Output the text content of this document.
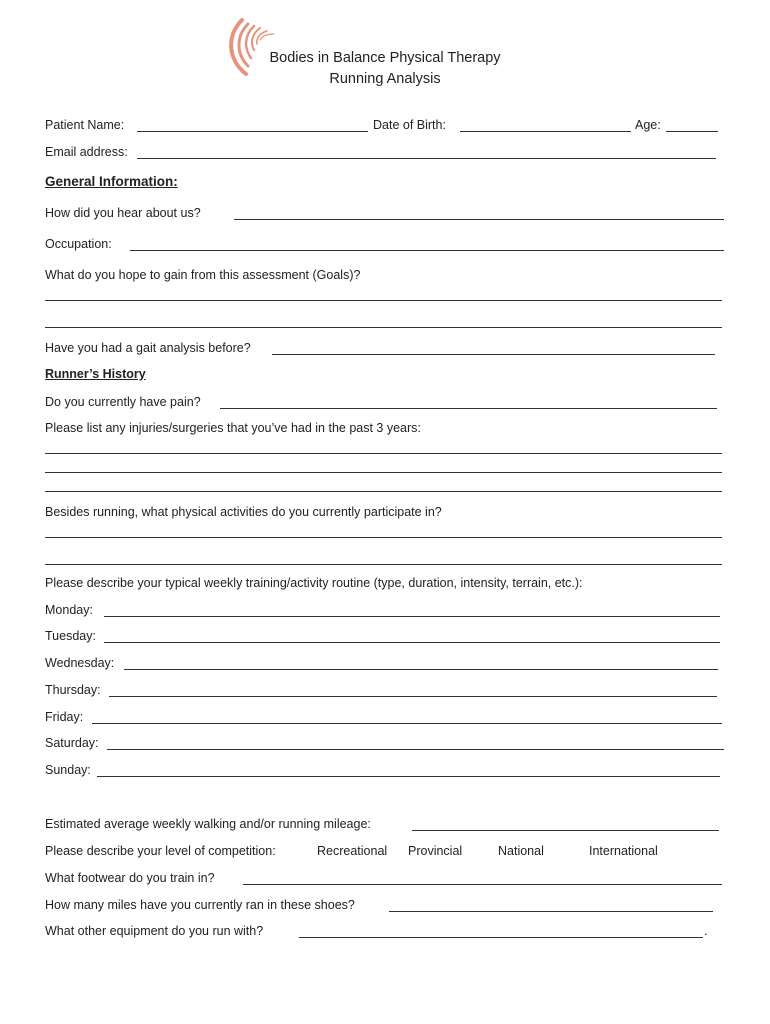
Bodies in Balance Physical Therapy
Running Analysis
Patient Name:	Date of Birth:	Age:
Email address:
General Information:
How did you hear about us?
Occupation:
What do you hope to gain from this assessment (Goals)?
Have you had a gait analysis before?
Runner’s History
Do you currently have pain?
Please list any injuries/surgeries that you’ve had in the past 3 years:
Besides running, what physical activities do you currently participate in?
Please describe your typical weekly training/activity routine (type, duration, intensity, terrain, etc.):
Monday:
Tuesday:
Wednesday:
Thursday:
Friday:
Saturday:
Sunday:
Estimated average weekly walking and/or running mileage:
Please describe your level of competition:	Recreational Provincial	National	International
What footwear do you train in?
How many miles have you currently ran in these shoes?
What other equipment do you run with?	.
